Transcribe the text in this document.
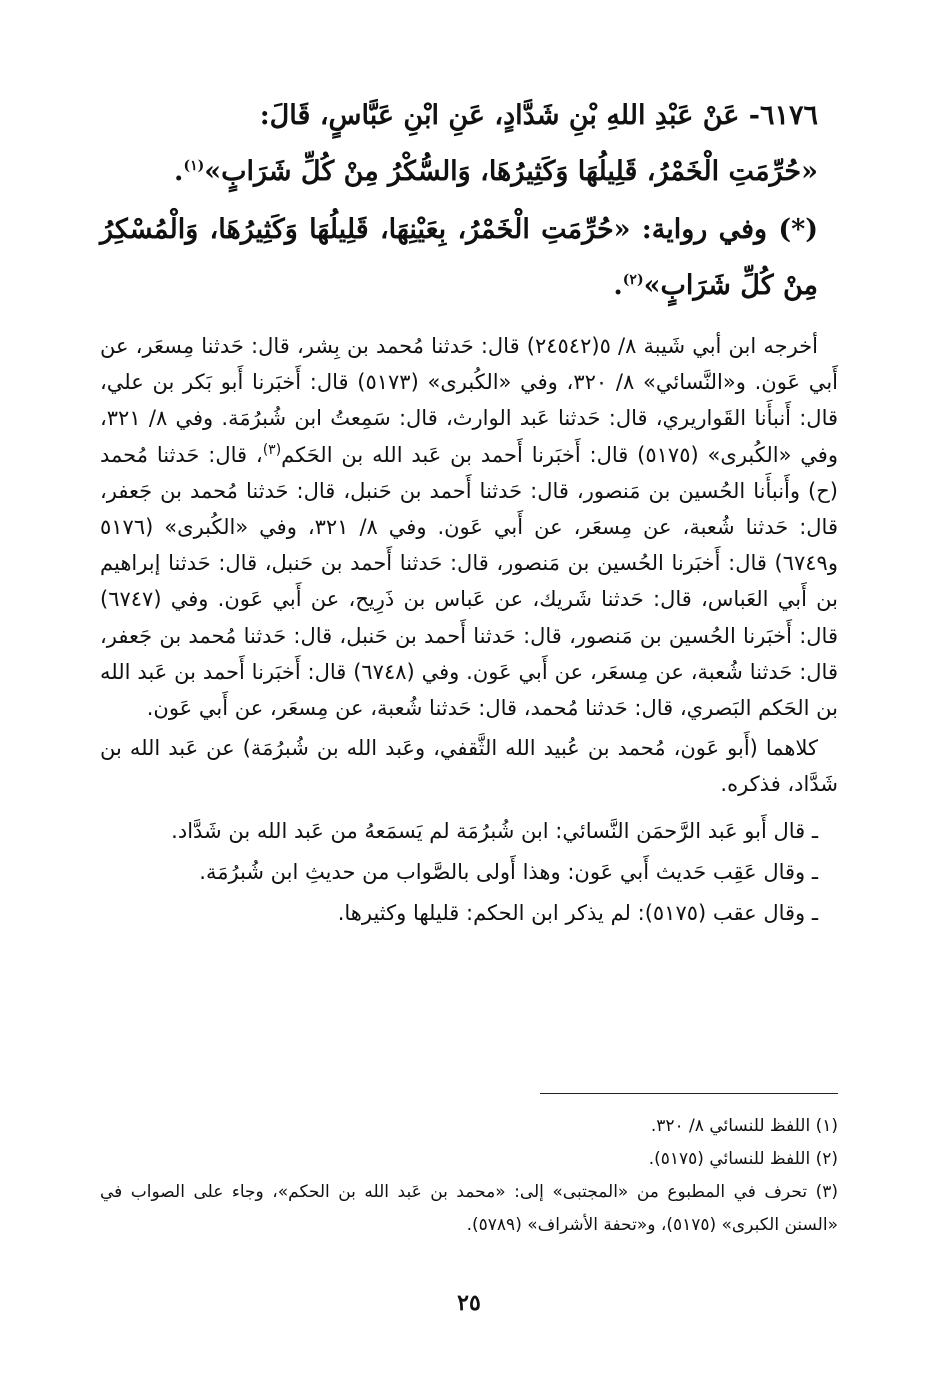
٦١٧٦- عَنْ عَبْدِ اللهِ بْنِ شَدَّادٍ، عَنِ ابْنِ عَبَّاسٍ، قَالَ:

«حُرِّمَتِ الْخَمْرُ، قَلِيلُهَا وَكَثِيرُهَا، وَالسُّكْرُ مِنْ كُلِّ شَرَابٍ»$^{(١)}$.

(*) وفي رواية: «حُرِّمَتِ الْخَمْرُ، بِعَيْنِهَا، قَلِيلُهَا وَكَثِيرُهَا، وَالْمُسْكِرُ مِنْ كُلِّ شَرَابٍ»$^{(٢)}$.

أخرجه ابن أبي شَيبة ٨/ ٥(٢٤٥٤٢) قال: حَدثنا مُحمد بن بِشر، قال: حَدثنا مِسعَر، عن أَبي عَون. و«النَّسائي» ٨/ ٣٢٠، وفي «الكُبرى» (٥١٧٣) قال: أَخبَرنا أَبو بَكر بن علي، قال: أَنبأَنا القَواريري، قال: حَدثنا عَبد الوارث، قال: سَمِعتُ ابن شُبرُمَة. وفي ٨/ ٣٢١، وفي «الكُبرى» (٥١٧٥) قال: أَخبَرنا أَحمد بن عَبد الله بن الحَكم$^{(٣)}$، قال: حَدثنا مُحمد (ح) وأَنبأَنا الحُسين بن مَنصور، قال: حَدثنا أَحمد بن حَنبل، قال: حَدثنا مُحمد بن جَعفر، قال: حَدثنا شُعبة، عن مِسعَر، عن أَبي عَون. وفي ٨/ ٣٢١، وفي «الكُبرى» (٥١٧٦ و٦٧٤٩) قال: أَخبَرنا الحُسين بن مَنصور، قال: حَدثنا أَحمد بن حَنبل، قال: حَدثنا إبراهيم بن أَبي العَباس، قال: حَدثنا شَريك، عن عَباس بن ذَرِيح، عن أَبي عَون. وفي (٦٧٤٧) قال: أَخبَرنا الحُسين بن مَنصور، قال: حَدثنا أَحمد بن حَنبل، قال: حَدثنا مُحمد بن جَعفر، قال: حَدثنا شُعبة، عن مِسعَر، عن أَبي عَون. وفي (٦٧٤٨) قال: أَخبَرنا أَحمد بن عَبد الله بن الحَكم البَصري، قال: حَدثنا مُحمد، قال: حَدثنا شُعبة، عن مِسعَر، عن أَبي عَون.

كلاهما (أَبو عَون، مُحمد بن عُبيد الله الثَّقفي، وعَبد الله بن شُبرُمَة) عن عَبد الله بن شَدَّاد، فذكره.

ـ قال أَبو عَبد الرَّحمَن النَّسائي: ابن شُبرُمَة لم يَسمَعهُ من عَبد الله بن شَدَّاد.
ـ وقال عَقِب حَديث أَبي عَون: وهذا أَولى بالصَّواب من حديثِ ابن شُبرُمَة.
ـ وقال عقب (٥١٧٥): لم يذكر ابن الحكم: قليلها وكثيرها.
(١) اللفظ للنسائي ٨/ ٣٢٠.
(٢) اللفظ للنسائي (٥١٧٥).
(٣) تحرف في المطبوع من «المجتبى» إلى: «محمد بن عَبد الله بن الحكم»، وجاء على الصواب في «السنن الكبرى» (٥١٧٥)، و«تحفة الأشراف» (٥٧٨٩).
٢٥
